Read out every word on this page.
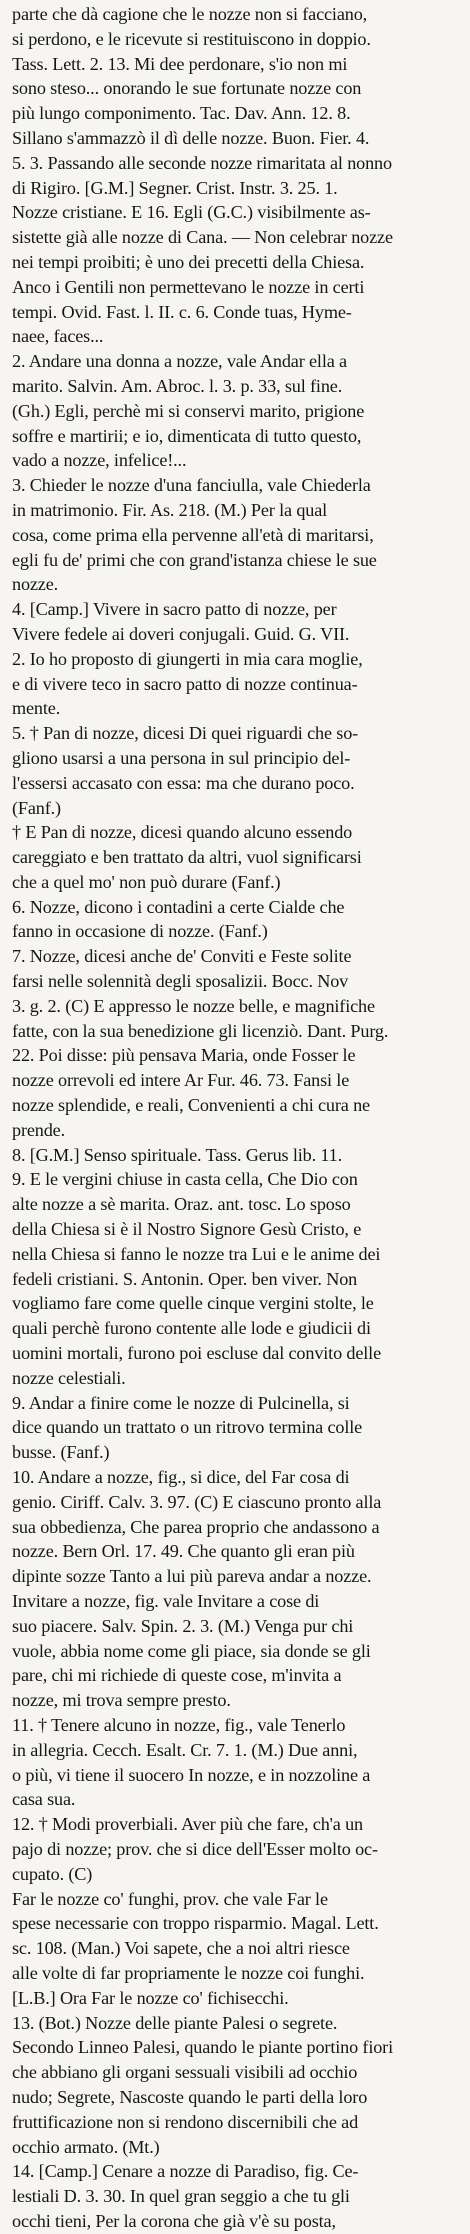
parte che dà cagione che le nozze non si facciano,

si perdono, e le ricevute si restituiscono in doppio.

Tass. Lett. 2. 13. Mi dee perdonare, s'io non mi

sono steso... onorando le sue fortunate nozze con

più lungo componimento. Tac. Dav. Ann. 12. 8.

Sillano s'ammazzò il dì delle nozze. Buon. Fier. 4.

5. 3. Passando alle seconde nozze rimaritata al nonno

di Rigiro. [G.M.] Segner. Crist. Instr. 3. 25. 1.

Nozze cristiane. E 16. Egli (G.C.) visibilmente as-

sistette già alle nozze di Cana. — Non celebrar nozze

nei tempi proibiti; è uno dei precetti della Chiesa.

Anco i Gentili non permettevano le nozze in certi

tempi. Ovid. Fast. l. II. c. 6. Conde tuas, Hyme-

naee, faces...

2. Andare una donna a nozze, vale Andar ella a

marito. Salvin. Am. Abroc. l. 3. p. 33, sul fine.

(Gh.) Egli, perchè mi si conservi marito, prigione

soffre e martirii; e io, dimenticata di tutto questo,

vado a nozze, infelice!...

3. Chieder le nozze d'una fanciulla, vale Chiederla

in matrimonio. Fir. As. 218. (M.) Per la qual

cosa, come prima ella pervenne all'età di maritarsi,

egli fu de' primi che con grand'istanza chiese le sue

nozze.

4. [Camp.] Vivere in sacro patto di nozze, per

Vivere fedele ai doveri conjugali. Guid. G. VII.

2. Io ho proposto di giungerti in mia cara moglie,

e di vivere teco in sacro patto di nozze continua-

mente.

5. † Pan di nozze, dicesi Di quei riguardi che so-

gliono usarsi a una persona in sul principio del-

l'essersi accasato con essa: ma che durano poco.

(Fanf.)

† E Pan di nozze, dicesi quando alcuno essendo

careggiato e ben trattato da altri, vuol significarsi

che a quel mo' non può durare (Fanf.)

6. Nozze, dicono i contadini a certe Cialde che

fanno in occasione di nozze. (Fanf.)

7. Nozze, dicesi anche de' Conviti e Feste solite

farsi nelle solennità degli sposalizii. Bocc. Nov

3. g. 2. (C) E appresso le nozze belle, e magnifiche

fatte, con la sua benedizione gli licenziò. Dant. Purg.

22. Poi disse: più pensava Maria, onde Fosser le

nozze orrevoli ed intere Ar Fur. 46. 73. Fansi le

nozze splendide, e reali, Convenienti a chi cura ne

prende.

8. [G.M.] Senso spirituale. Tass. Gerus lib. 11.

9. E le vergini chiuse in casta cella, Che Dio con

alte nozze a sè marita. Oraz. ant. tosc. Lo sposo

della Chiesa si è il Nostro Signore Gesù Cristo, e

nella Chiesa si fanno le nozze tra Lui e le anime dei

fedeli cristiani. S. Antonin. Oper. ben viver. Non

vogliamo fare come quelle cinque vergini stolte, le

quali perchè furono contente alle lode e giudicii di

uomini mortali, furono poi escluse dal convito delle

nozze celestiali.

9. Andar a finire come le nozze di Pulcinella, si

dice quando un trattato o un ritrovo termina colle

busse. (Fanf.)

10. Andare a nozze, fig., si dice, del Far cosa di

genio. Ciriff. Calv. 3. 97. (C) E ciascuno pronto alla

sua obbedienza, Che parea proprio che andassono a

nozze. Bern Orl. 17. 49. Che quanto gli eran più

dipinte sozze Tanto a lui più pareva andar a nozze.

Invitare a nozze, fig. vale Invitare a cose di

suo piacere. Salv. Spin. 2. 3. (M.) Venga pur chi

vuole, abbia nome come gli piace, sia donde se gli

pare, chi mi richiede di queste cose, m'invita a

nozze, mi trova sempre presto.

11. † Tenere alcuno in nozze, fig., vale Tenerlo

in allegria. Cecch. Esalt. Cr. 7. 1. (M.) Due anni,

o più, vi tiene il suocero In nozze, e in nozzoline a

casa sua.

12. † Modi proverbiali. Aver più che fare, ch'a un

pajo di nozze; prov. che si dice dell'Esser molto oc-

cupato. (C)

Far le nozze co' funghi, prov. che vale Far le

spese necessarie con troppo risparmio. Magal. Lett.

sc. 108. (Man.) Voi sapete, che a noi altri riesce

alle volte di far propriamente le nozze coi funghi.

[L.B.] Ora Far le nozze co' fichisecchi.

13. (Bot.) Nozze delle piante Palesi o segrete.

Secondo Linneo Palesi, quando le piante portino fiori

che abbiano gli organi sessuali visibili ad occhio

nudo; Segrete, Nascoste quando le parti della loro

fruttificazione non si rendono discernibili che ad

occhio armato. (Mt.)

14. [Camp.] Cenare a nozze di Paradiso, fig. Ce-

lestiali D. 3. 30. In quel gran seggio a che tu gli

occhi tieni, Per la corona che già v'è su posta,
